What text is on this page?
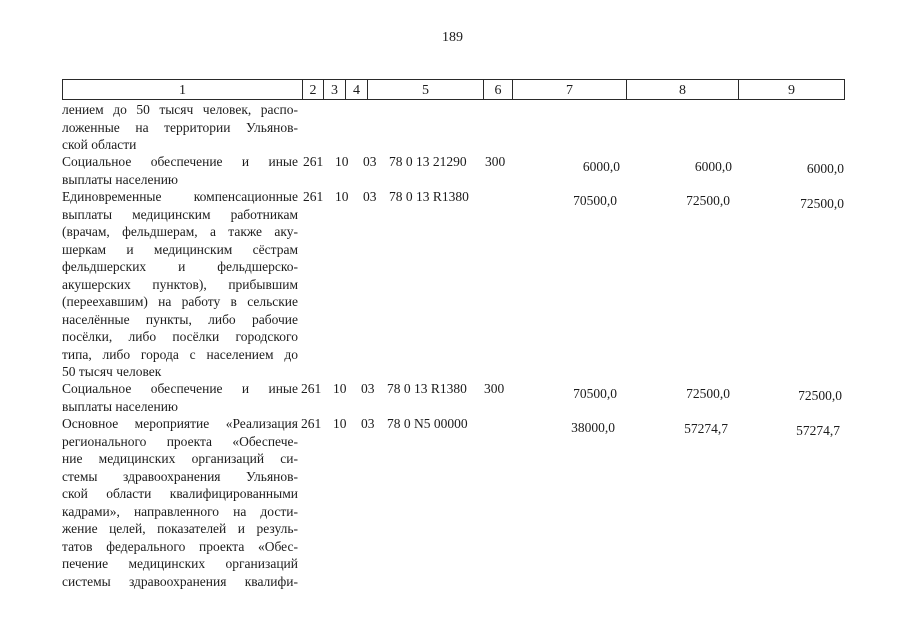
189
1	2	3	4	5	6	7	8	9
лением до 50 тысяч человек, распо-
ложенные на территории Ульянов-
ской области
Социальное обеспечение и иные
выплаты населению
261 10 03 78 0 13 21290 300	6000,0	6000,0	6000,0
Единовременные компенсационные
выплаты медицинским работникам
(врачам, фельдшерам, а также аку-
шеркам и медицинским сёстрам
фельдшерских и фельдшерско-
акушерских пунктов), прибывшим
(переехавшим) на работу в сельские
населённые пункты, либо рабочие
посёлки, либо посёлки городского
типа, либо города с населением до
50 тысяч человек
261 10 03 78 0 13 R1380	70500,0	72500,0	72500,0
Социальное обеспечение и иные
выплаты населению
261 10 03 78 0 13 R1380 300	70500,0	72500,0	72500,0
Основное мероприятие «Реализация
регионального проекта «Обеспече-
ние медицинских организаций си-
стемы здравоохранения Ульянов-
ской области квалифицированными
кадрами», направленного на дости-
жение целей, показателей и резуль-
татов федерального проекта «Обес-
печение медицинских организаций
системы здравоохранения квалифи-
261 10 03 78 0 N5 00000	38000,0	57274,7	57274,7
